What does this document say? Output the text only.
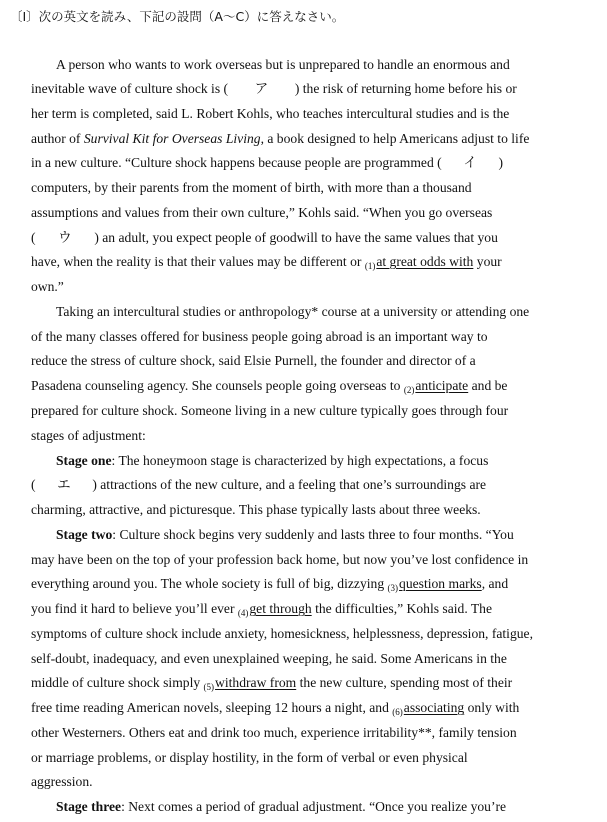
〔Ⅰ〕次の英文を読み、下記の設問（A～C）に答えなさい。
A person who wants to work overseas but is unprepared to handle an enormous and
inevitable wave of culture shock is ( ア ) the risk of returning home before his or
her term is completed, said L. Robert Kohls, who teaches intercultural studies and is the
author of Survival Kit for Overseas Living, a book designed to help Americans adjust to life
in a new culture. “Culture shock happens because people are programmed ( イ )
computers, by their parents from the moment of birth, with more than a thousand
assumptions and values from their own culture,” Kohls said. “When you go overseas
( ウ ) an adult, you expect people of goodwill to have the same values that you
have, when the reality is that their values may be different or $_{(1)}$at great odds with your
own.”
Taking an intercultural studies or anthropology* course at a university or attending one
of the many classes offered for business people going abroad is an important way to
reduce the stress of culture shock, said Elsie Purnell, the founder and director of a
Pasadena counseling agency. She counsels people going overseas to $_{(2)}$anticipate and be
prepared for culture shock. Someone living in a new culture typically goes through four
stages of adjustment:
Stage one: The honeymoon stage is characterized by high expectations, a focus
( エ ) attractions of the new culture, and a feeling that one’s surroundings are
charming, attractive, and picturesque. This phase typically lasts about three weeks.
Stage two: Culture shock begins very suddenly and lasts three to four months. “You
may have been on the top of your profession back home, but now you’ve lost confidence in
everything around you. The whole society is full of big, dizzying $_{(3)}$question marks, and
you find it hard to believe you’ll ever $_{(4)}$get through the difficulties,” Kohls said. The
symptoms of culture shock include anxiety, homesickness, helplessness, depression, fatigue,
self-doubt, inadequacy, and even unexplained weeping, he said. Some Americans in the
middle of culture shock simply $_{(5)}$withdraw from the new culture, spending most of their
free time reading American novels, sleeping 12 hours a night, and $_{(6)}$associating only with
other Westerners. Others eat and drink too much, experience irritability**, family tension
or marriage problems, or display hostility, in the form of verbal or even physical
aggression.
Stage three: Next comes a period of gradual adjustment. “Once you realize you’re
